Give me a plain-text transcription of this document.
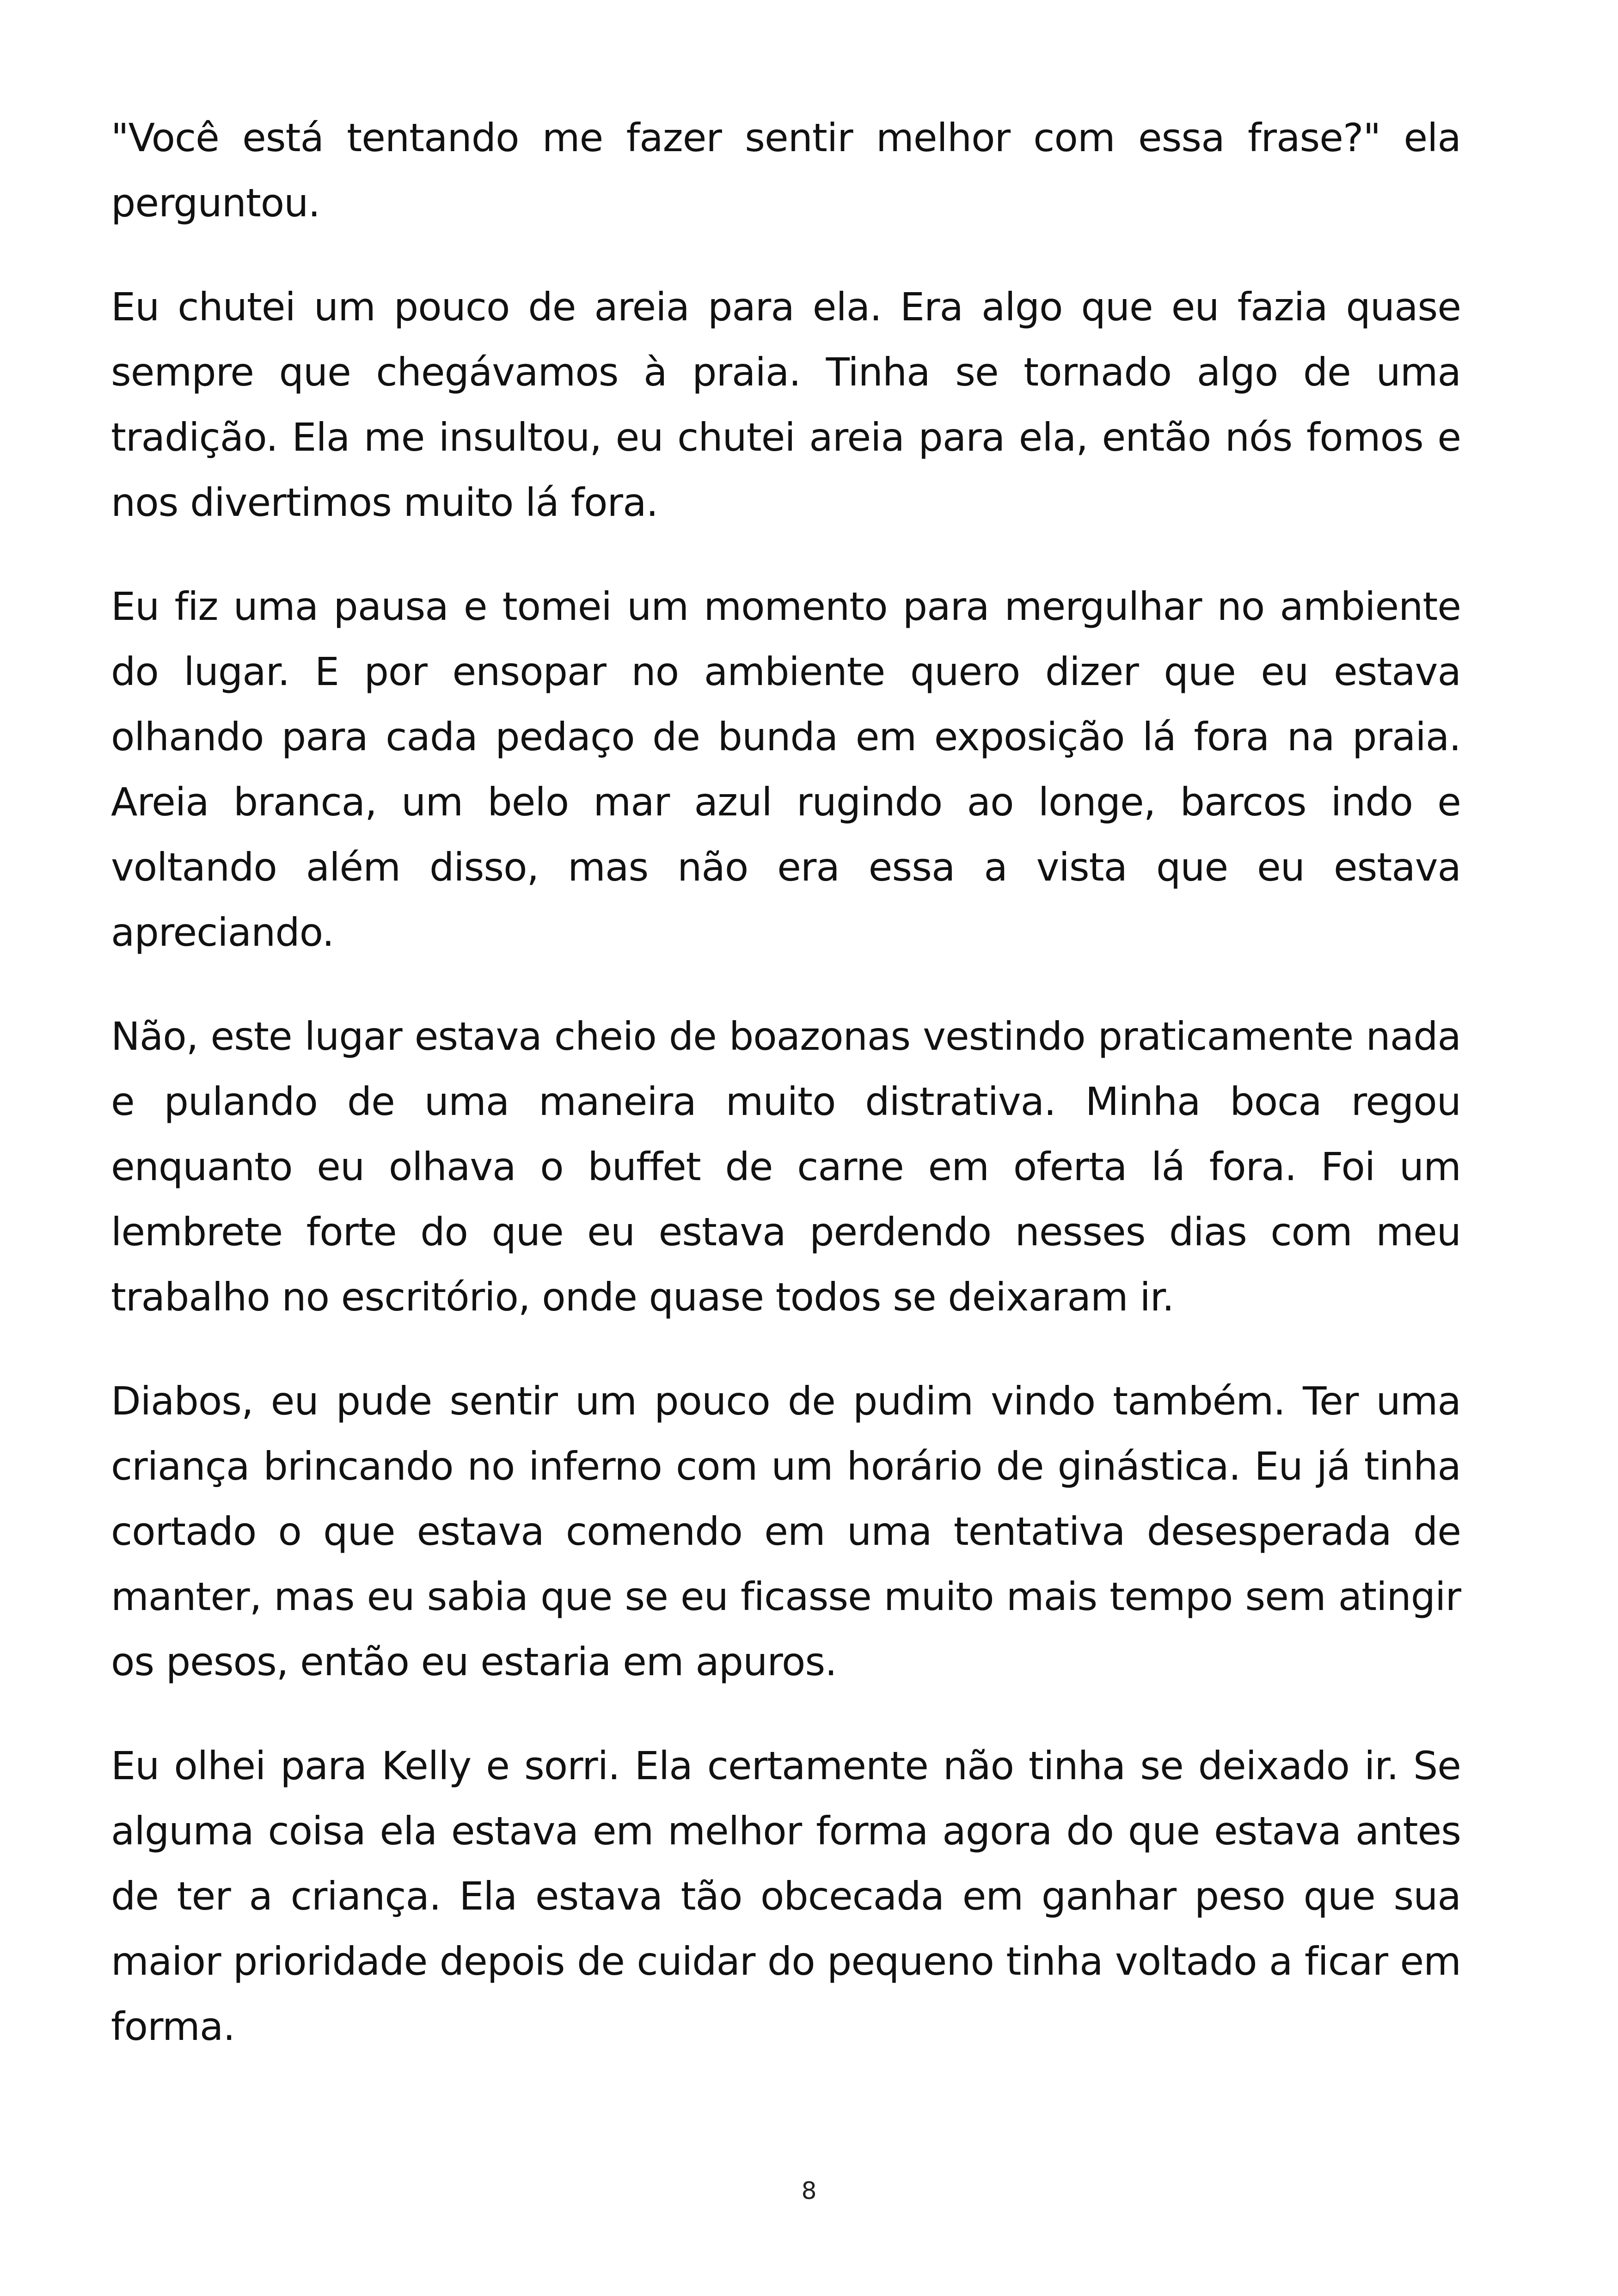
"Você está tentando me fazer sentir melhor com essa frase?" ela perguntou.

Eu chutei um pouco de areia para ela. Era algo que eu fazia quase sempre que chegávamos à praia. Tinha se tornado algo de uma tradição. Ela me insultou, eu chutei areia para ela, então nós fomos e nos divertimos muito lá fora.

Eu fiz uma pausa e tomei um momento para mergulhar no ambiente do lugar. E por ensopar no ambiente quero dizer que eu estava olhando para cada pedaço de bunda em exposição lá fora na praia. Areia branca, um belo mar azul rugindo ao longe, barcos indo e voltando além disso, mas não era essa a vista que eu estava apreciando.

Não, este lugar estava cheio de boazonas vestindo praticamente nada e pulando de uma maneira muito distrativa. Minha boca regou enquanto eu olhava o buffet de carne em oferta lá fora. Foi um lembrete forte do que eu estava perdendo nesses dias com meu trabalho no escritório, onde quase todos se deixaram ir.

Diabos, eu pude sentir um pouco de pudim vindo também. Ter uma criança brincando no inferno com um horário de ginástica. Eu já tinha cortado o que estava comendo em uma tentativa desesperada de manter, mas eu sabia que se eu ficasse muito mais tempo sem atingir os pesos, então eu estaria em apuros.

Eu olhei para Kelly e sorri. Ela certamente não tinha se deixado ir. Se alguma coisa ela estava em melhor forma agora do que estava antes de ter a criança. Ela estava tão obcecada em ganhar peso que sua maior prioridade depois de cuidar do pequeno tinha voltado a ficar em forma.

8
